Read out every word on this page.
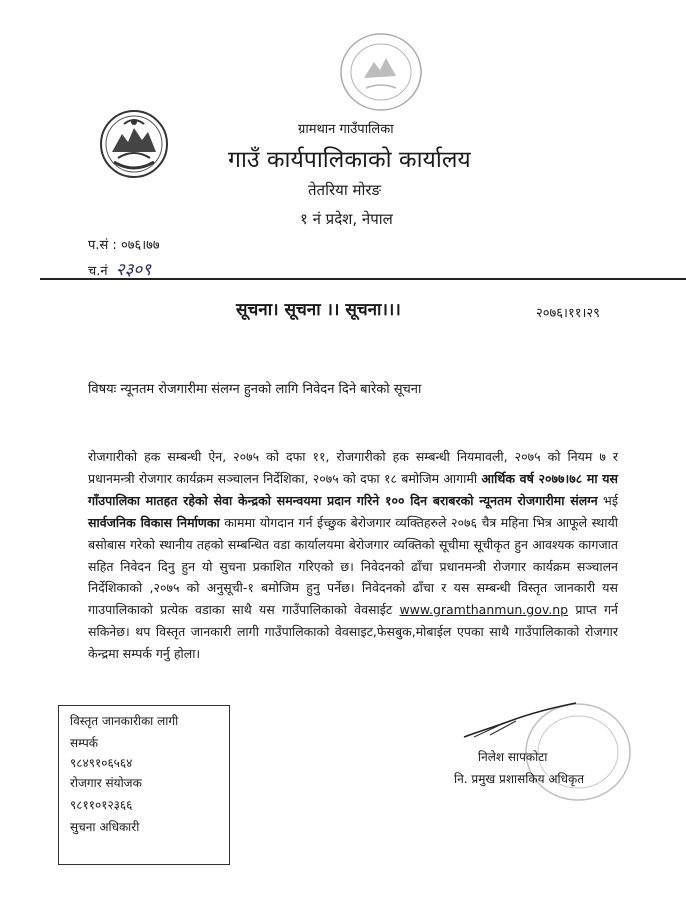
ग्रामथान गाउँपालिका
गाउँ कार्यपालिकाको कार्यालय
तेतरिया मोरङ
१ नं प्रदेश, नेपाल
प.सं : ०७६।७७
च.नं २३०९
सूचना। सूचना ।। सूचना।।।	२०७६।११।२९
विषयः न्यूनतम रोजगारीमा संलग्न हुनको लागि निवेदन दिने बारेको सूचना
रोजगारीको हक सम्बन्धी ऐन, २०७५ को दफा ११, रोजगारीको हक सम्बन्धी नियमावली, २०७५ को नियम ७ र प्रधानमन्त्री रोजगार कार्यक्रम सञ्चालन निर्देशिका, २०७५ को दफा १८ बमोजिम आगामी आर्थिक वर्ष २०७७।७८ मा यस गाँउपालिका मातहत रहेको सेवा केन्द्रको समन्वयमा प्रदान गरिने १०० दिन बराबरको न्यूनतम रोजगारीमा संलग्न भई सार्वजनिक विकास निर्माणका काममा योगदान गर्न ईच्छुक बेरोजगार व्यक्तिहरुले २०७६ चैत्र महिना भित्र आफूले स्थायी बसोबास गरेको स्थानीय तहको सम्बन्धित वडा कार्यालयमा बेरोजगार व्यक्तिको सूचीमा सूचीकृत हुन आवश्यक कागजात सहित निवेदन दिनु हुन यो सुचना प्रकाशित गरिएको छ। निवेदनको ढाँचा प्रधानमन्त्री रोजगार कार्यक्रम सञ्चालन निर्देशिकाको ,२०७५ को अनुसूची-१ बमोजिम हुनु पर्नेछ। निवेदनको ढाँचा र यस सम्बन्धी विस्तृत जानकारी यस गाउपालिकाको प्रत्येक वडाका साथै यस गाउँपालिकाको वेवसाईट www.gramthanmun.gov.np प्राप्त गर्न सकिनेछ। थप विस्तृत जानकारी लागी गाउँपालिकाको वेवसाइट,फेसबुक,मोबाईल एपका साथै गाउँपालिकाको रोजगार केन्द्रमा सम्पर्क गर्नु होला।
विस्तृत जानकारीका लागी
सम्पर्क
९८४९१०६५६४
रोजगार संयोजक
९८११०१२३६६
सुचना अधिकारी
निलेश सापकोटा
नि. प्रमुख प्रशासकिय अधिकृत
